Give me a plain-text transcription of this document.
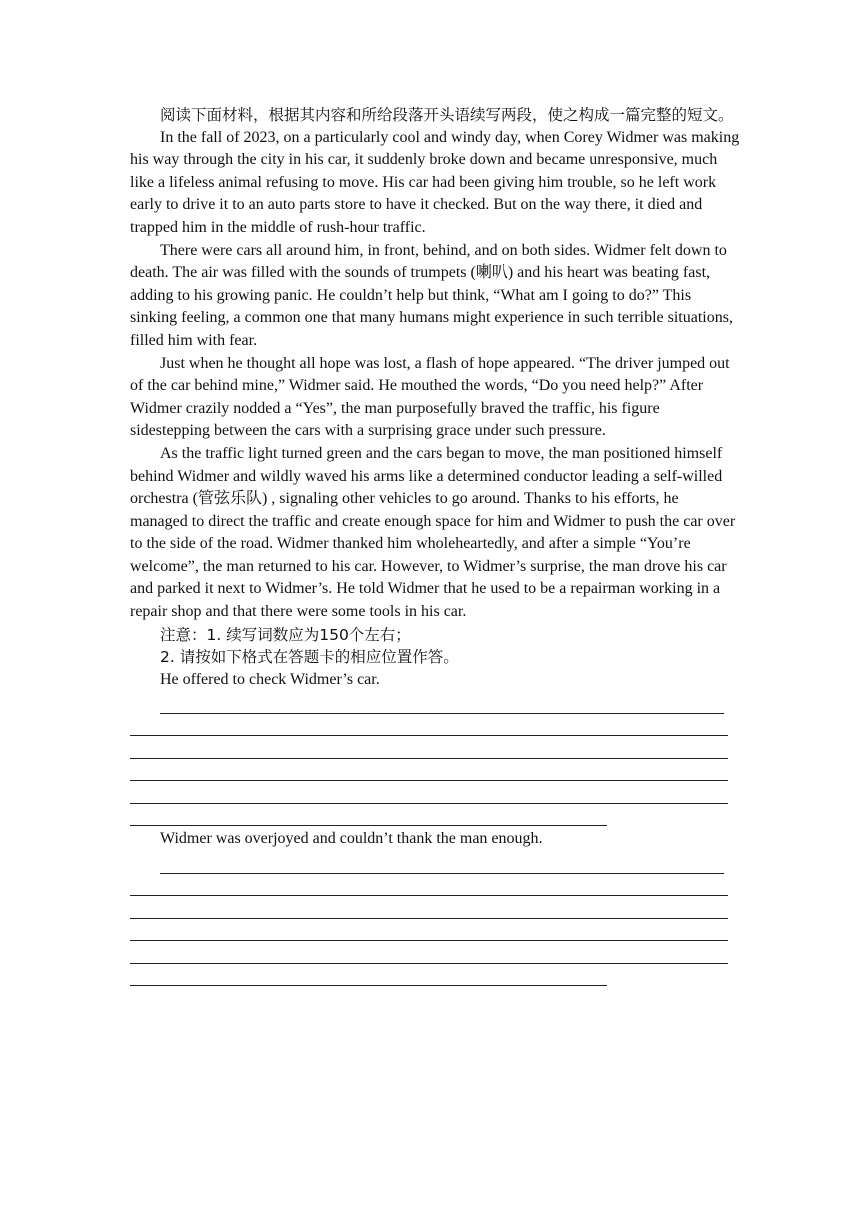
阅读下面材料，根据其内容和所给段落开头语续写两段，使之构成一篇完整的短文。

In the fall of 2023, on a particularly cool and windy day, when Corey Widmer was making his way through the city in his car, it suddenly broke down and became unresponsive, much like a lifeless animal refusing to move. His car had been giving him trouble, so he left work early to drive it to an auto parts store to have it checked. But on the way there, it died and trapped him in the middle of rush-hour traffic.

There were cars all around him, in front, behind, and on both sides. Widmer felt down to death. The air was filled with the sounds of trumpets (喇叭) and his heart was beating fast, adding to his growing panic. He couldn’t help but think, “What am I going to do?” This sinking feeling, a common one that many humans might experience in such terrible situations, filled him with fear.

Just when he thought all hope was lost, a flash of hope appeared. “The driver jumped out of the car behind mine,” Widmer said. He mouthed the words, “Do you need help?” After Widmer crazily nodded a “Yes”, the man purposefully braved the traffic, his figure sidestepping between the cars with a surprising grace under such pressure.

As the traffic light turned green and the cars began to move, the man positioned himself behind Widmer and wildly waved his arms like a determined conductor leading a self-willed orchestra (管弦乐队) , signaling other vehicles to go around. Thanks to his efforts, he managed to direct the traffic and create enough space for him and Widmer to push the car over to the side of the road. Widmer thanked him wholeheartedly, and after a simple “You’re welcome”, the man returned to his car. However, to Widmer’s surprise, the man drove his car and parked it next to Widmer’s. He told Widmer that he used to be a repairman working in a repair shop and that there were some tools in his car.

注意：1. 续写词数应为150个左右；

2. 请按如下格式在答题卡的相应位置作答。

He offered to check Widmer’s car.

Widmer was overjoyed and couldn’t thank the man enough.
